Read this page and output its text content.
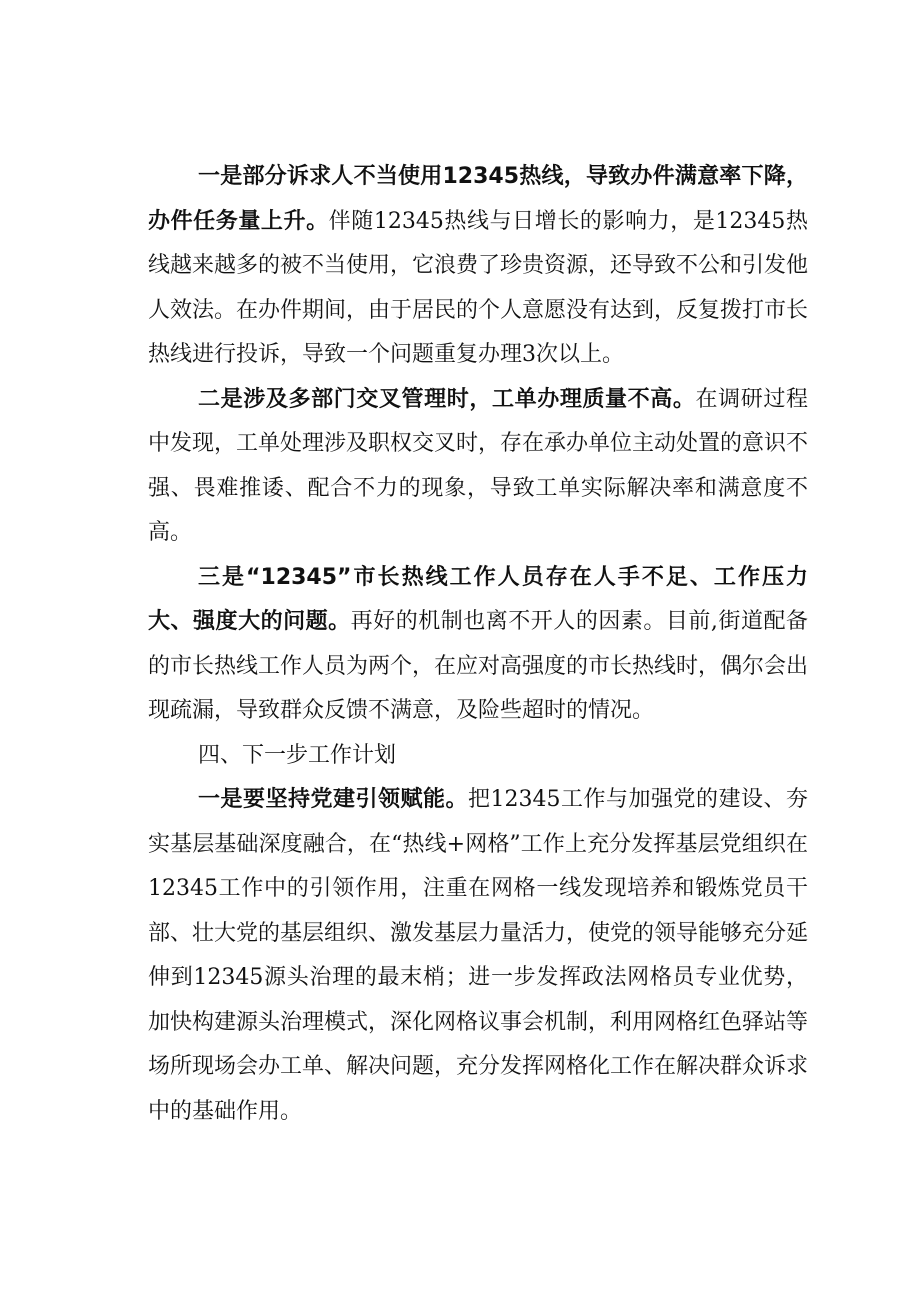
一是部分诉求人不当使用12345热线，导致办件满意率下降，办件任务量上升。伴随12345热线与日增长的影响力，是12345热线越来越多的被不当使用，它浪费了珍贵资源，还导致不公和引发他人效法。在办件期间，由于居民的个人意愿没有达到，反复拨打市长热线进行投诉，导致一个问题重复办理3次以上。

二是涉及多部门交叉管理时，工单办理质量不高。在调研过程中发现，工单处理涉及职权交叉时，存在承办单位主动处置的意识不强、畏难推诿、配合不力的现象，导致工单实际解决率和满意度不高。

三是“12345”市长热线工作人员存在人手不足、工作压力大、强度大的问题。再好的机制也离不开人的因素。目前,街道配备的市长热线工作人员为两个，在应对高强度的市长热线时，偶尔会出现疏漏，导致群众反馈不满意，及险些超时的情况。

四、下一步工作计划

一是要坚持党建引领赋能。把12345工作与加强党的建设、夯实基层基础深度融合，在“热线+网格”工作上充分发挥基层党组织在12345工作中的引领作用，注重在网格一线发现培养和锻炼党员干部、壮大党的基层组织、激发基层力量活力，使党的领导能够充分延伸到12345源头治理的最末梢；进一步发挥政法网格员专业优势，加快构建源头治理模式，深化网格议事会机制，利用网格红色驿站等场所现场会办工单、解决问题，充分发挥网格化工作在解决群众诉求中的基础作用。
